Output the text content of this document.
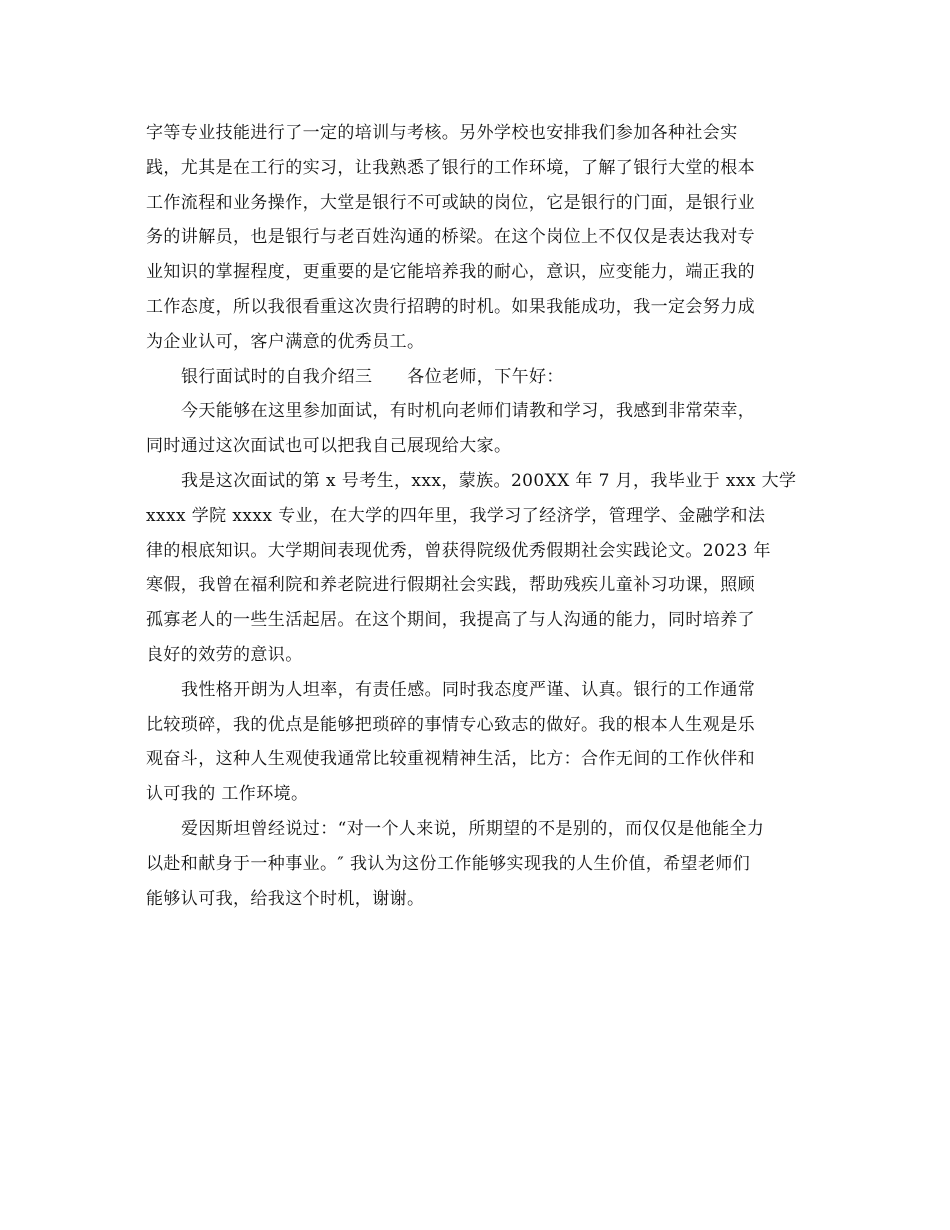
字等专业技能进行了一定的培训与考核。另外学校也安排我们参加各种社会实
践，尤其是在工行的实习，让我熟悉了银行的工作环境，了解了银行大堂的根本
工作流程和业务操作，大堂是银行不可或缺的岗位，它是银行的门面，是银行业
务的讲解员，也是银行与老百姓沟通的桥梁。在这个岗位上不仅仅是表达我对专
业知识的掌握程度，更重要的是它能培养我的耐心，意识，应变能力，端正我的
工作态度，所以我很看重这次贵行招聘的时机。如果我能成功，我一定会努力成
为企业认可，客户满意的优秀员工。
银行面试时的自我介绍三　　各位老师，下午好：
今天能够在这里参加面试，有时机向老师们请教和学习，我感到非常荣幸，
同时通过这次面试也可以把我自己展现给大家。
我是这次面试的第 x 号考生，xxx，蒙族。200XX 年 7 月，我毕业于 xxx 大学
xxxx 学院 xxxx 专业，在大学的四年里，我学习了经济学，管理学、金融学和法
律的根底知识。大学期间表现优秀，曾获得院级优秀假期社会实践论文。2023 年
寒假，我曾在福利院和养老院进行假期社会实践，帮助残疾儿童补习功课，照顾
孤寡老人的一些生活起居。在这个期间，我提高了与人沟通的能力，同时培养了
良好的效劳的意识。
我性格开朗为人坦率，有责任感。同时我态度严谨、认真。银行的工作通常
比较琐碎，我的优点是能够把琐碎的事情专心致志的做好。我的根本人生观是乐
观奋斗，这种人生观使我通常比较重视精神生活，比方：合作无间的工作伙伴和
认可我的 工作环境。
爱因斯坦曾经说过：“对一个人来说，所期望的不是别的，而仅仅是他能全力
以赴和献身于一种事业。″ 我认为这份工作能够实现我的人生价值，希望老师们
能够认可我，给我这个时机，谢谢。
